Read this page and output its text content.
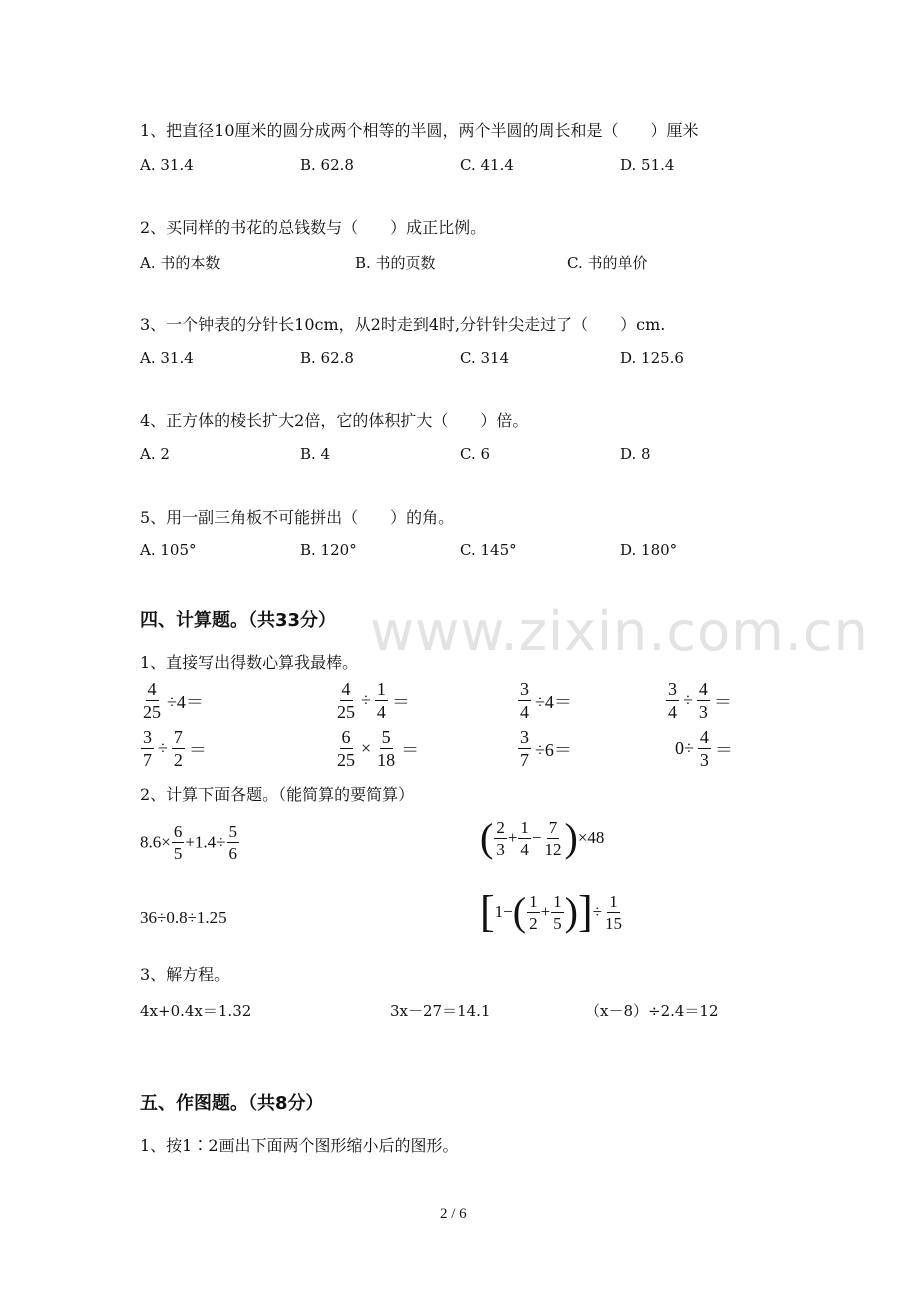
www.zixin.com.cn
1、把直径10厘米的圆分成两个相等的半圆，两个半圆的周长和是（　　）厘米
A. 31.4	B. 62.8	C. 41.4	D. 51.4
2、买同样的书花的总钱数与（　　）成正比例。
A. 书的本数	B. 书的页数	C. 书的单价
3、一个钟表的分针长10cm，从2时走到4时,分针针尖走过了（　　）cm.
A. 31.4	B. 62.8	C. 314	D. 125.6
4、正方体的棱长扩大2倍，它的体积扩大（　　）倍。
A. 2	B. 4	C. 6	D. 8
5、用一副三角板不可能拼出（　　）的角。
A. 105°	B. 120°	C. 145°	D. 180°
四、计算题。（共33分）
1、直接写出得数心算我最棒。
$\frac{4}{25} \div 4=$	$\frac{4}{25} \div \frac{1}{4}$ ＝	$\frac{3}{4} \div 4=$	$\frac{3}{4} \div \frac{4}{3}$ ＝
$\frac{3}{7} \div \frac{7}{2}$ ＝	$\frac{6}{25} \times \frac{5}{18}$ ＝	$\frac{3}{7} \div 6=$	$0\div \frac{4}{3}$ ＝
2、计算下面各题。（能简算的要简算）
$8.6\times \frac{6}{5} +1.4\div \frac{5}{6}$	( $\frac{2}{3} + \frac{1}{4} - \frac{7}{12} )\times 48$
36÷0.8÷1.25	[$1-( \frac{1}{2} + \frac{1}{5}$ )]÷ $\frac{1}{15}$
3、解方程。
4x+0.4x＝1.32	3x－27＝14.1	（x－8）÷2.4＝12
五、作图题。（共8分）
1、按1∶2画出下面两个图形缩小后的图形。
2 / 6
